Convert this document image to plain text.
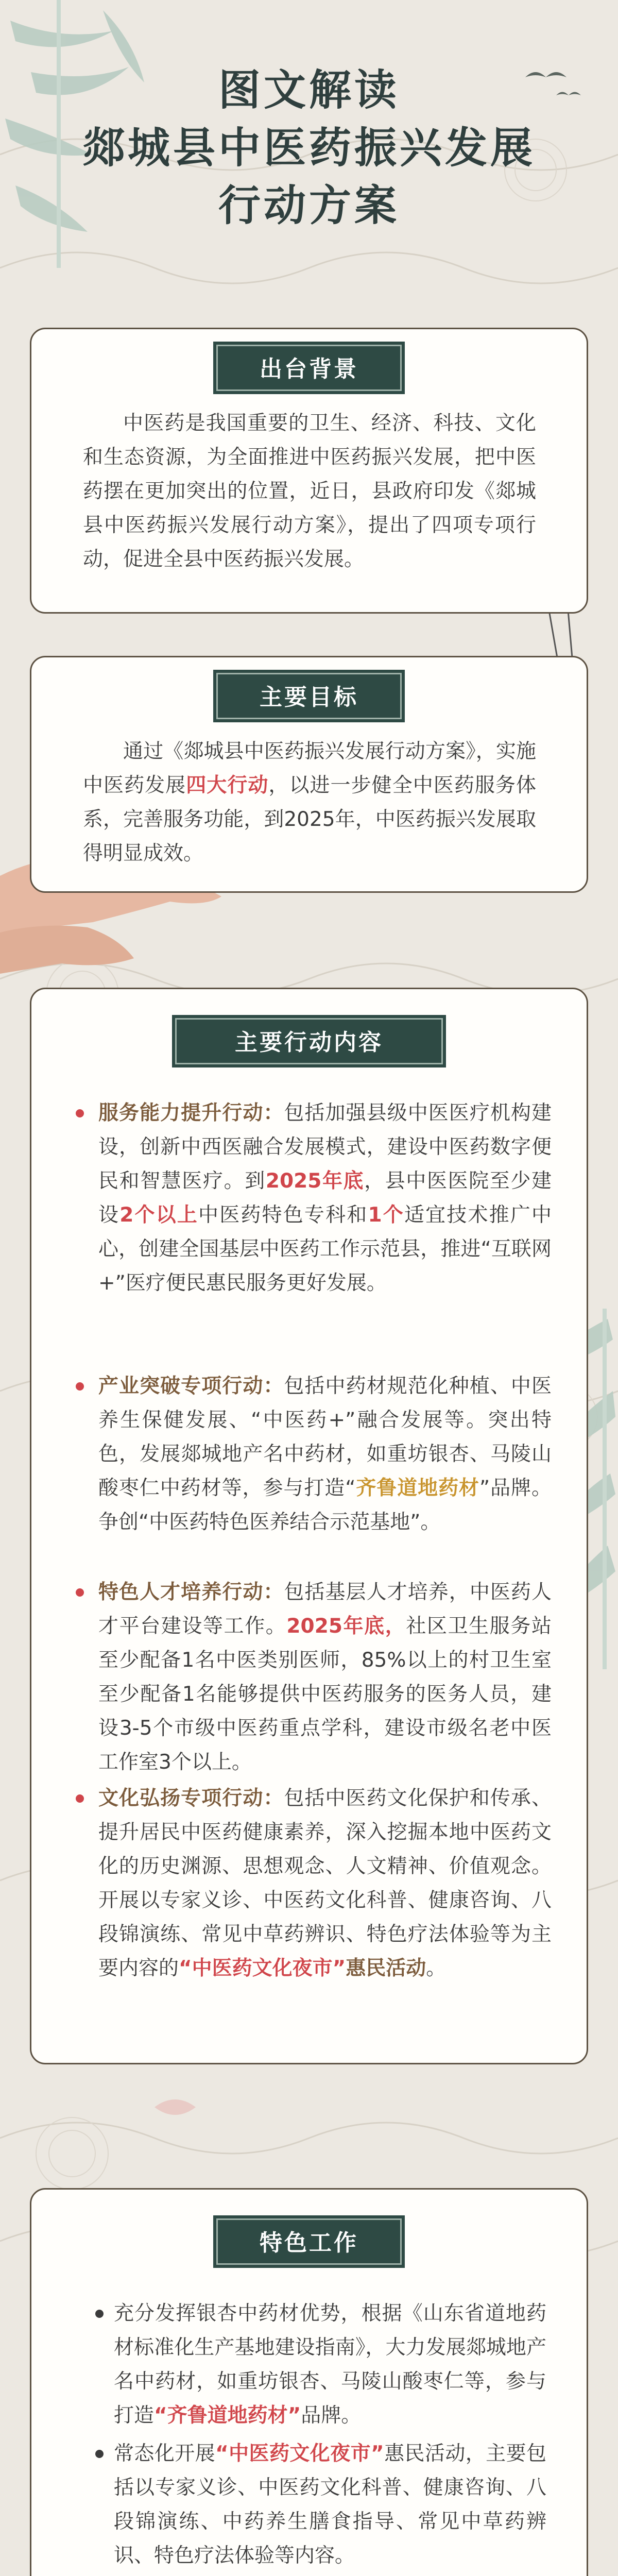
图文解读
郯城县中医药振兴发展
行动方案
出台背景
中医药是我国重要的卫生、经济、科技、文化和生态资源，为全面推进中医药振兴发展，把中医药摆在更加突出的位置，近日，县政府印发《郯城县中医药振兴发展行动方案》，提出了四项专项行动，促进全县中医药振兴发展。
主要目标
通过《郯城县中医药振兴发展行动方案》，实施中医药发展四大行动，以进一步健全中医药服务体系，完善服务功能，到2025年，中医药振兴发展取得明显成效。
主要行动内容
服务能力提升行动：包括加强县级中医医疗机构建设，创新中西医融合发展模式，建设中医药数字便民和智慧医疗。到2025年底，县中医医院至少建设2个以上中医药特色专科和1个适宜技术推广中心，创建全国基层中医药工作示范县，推进“互联网+”医疗便民惠民服务更好发展。
产业突破专项行动：包括中药材规范化种植、中医养生保健发展、“中医药+”融合发展等。突出特色，发展郯城地产名中药材，如重坊银杏、马陵山酸枣仁中药材等，参与打造“齐鲁道地药材”品牌。争创“中医药特色医养结合示范基地”。
特色人才培养行动：包括基层人才培养，中医药人才平台建设等工作。2025年底，社区卫生服务站至少配备1名中医类别医师，85%以上的村卫生室至少配备1名能够提供中医药服务的医务人员，建设3-5个市级中医药重点学科，建设市级名老中医工作室3个以上。
文化弘扬专项行动：包括中医药文化保护和传承、提升居民中医药健康素养，深入挖掘本地中医药文化的历史渊源、思想观念、人文精神、价值观念。开展以专家义诊、中医药文化科普、健康咨询、八段锦演练、常见中草药辨识、特色疗法体验等为主要内容的“中医药文化夜市”惠民活动。
特色工作
充分发挥银杏中药材优势，根据《山东省道地药材标准化生产基地建设指南》，大力发展郯城地产名中药材，如重坊银杏、马陵山酸枣仁等，参与打造“齐鲁道地药材”品牌。
常态化开展“中医药文化夜市”惠民活动，主要包括以专家义诊、中医药文化科普、健康咨询、八段锦演练、中药养生膳食指导、常见中草药辨识、特色疗法体验等内容。
